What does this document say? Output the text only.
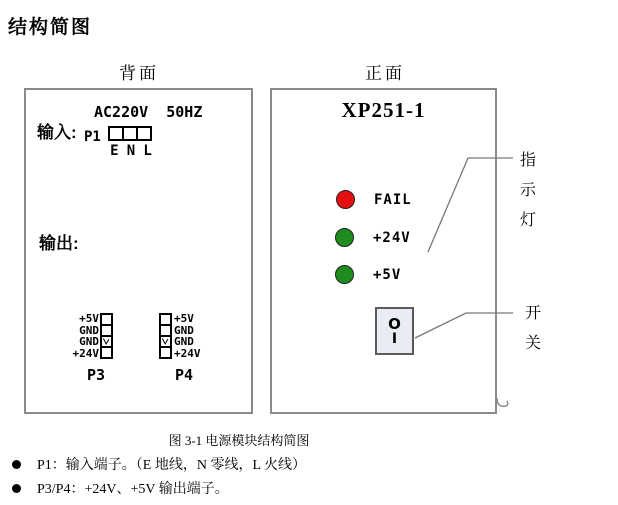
结构简图
背面	正面
AC220V  50HZ
输入: P1
E N L
输出:
+5V
GND
GND
+24V
P3
+5V
GND
GND
+24V
P4
XP251-1
FAIL
+24V
+5V
O
I
指示灯
开关
图 3-1 电源模块结构简图
P1：输入端子。（E 地线，N 零线，L 火线）
P3/P4：+24V、+5V 输出端子。
